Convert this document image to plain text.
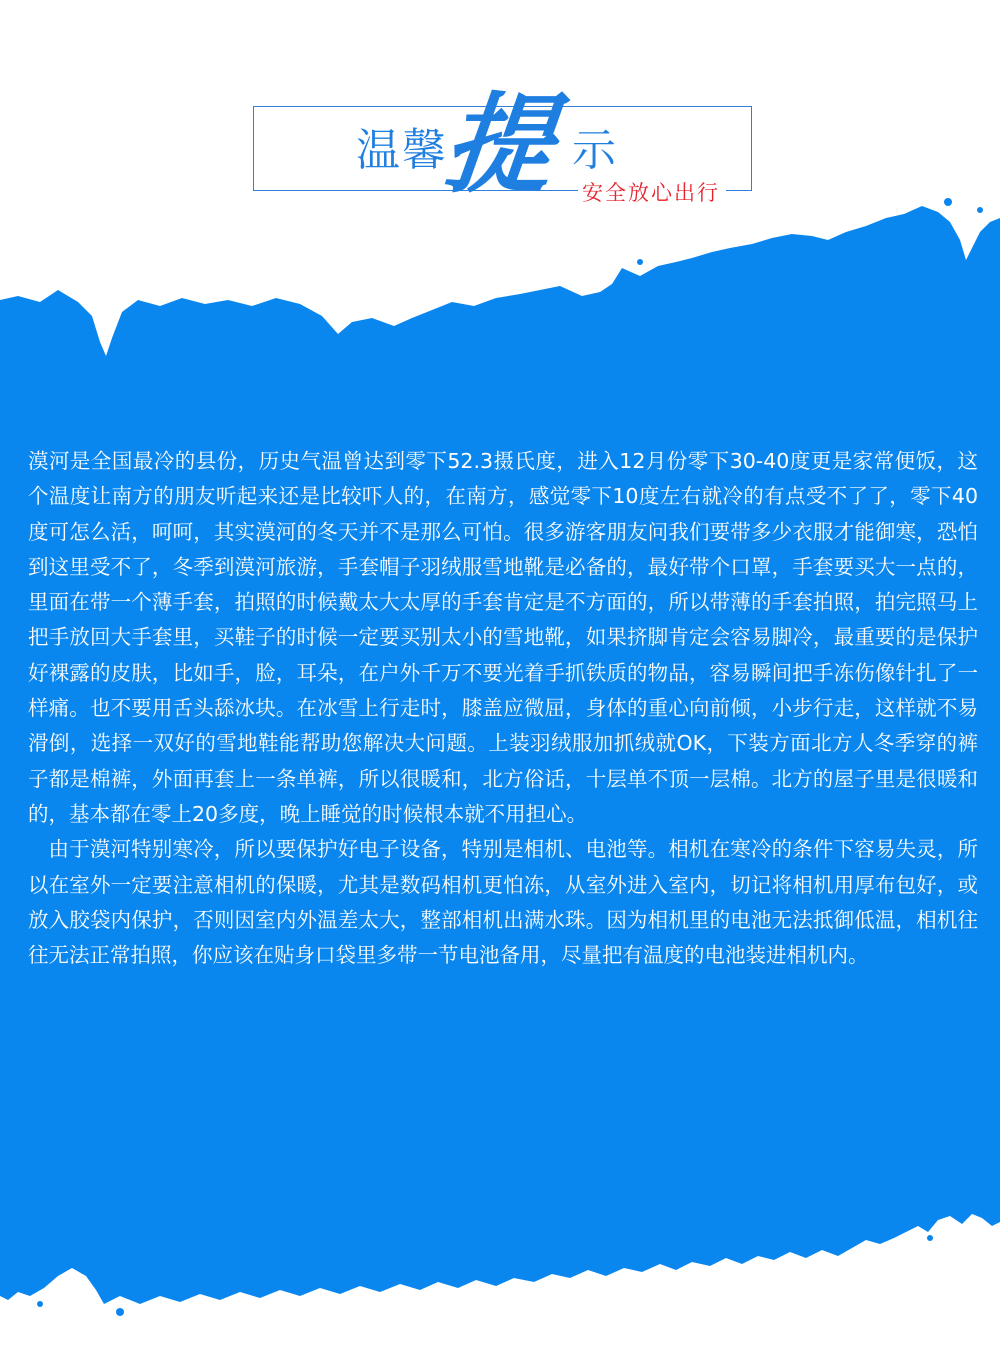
温馨
提 示
安全放心出行

漠河是全国最冷的县份，历史气温曾达到零下52.3摄氏度，进入12月份零下30-40度更是家常便饭，这个温度让南方的朋友听起来还是比较吓人的，在南方，感觉零下10度左右就冷的有点受不了了，零下40度可怎么活，呵呵，其实漠河的冬天并不是那么可怕。很多游客朋友问我们要带多少衣服才能御寒，恐怕到这里受不了，冬季到漠河旅游，手套帽子羽绒服雪地靴是必备的，最好带个口罩，手套要买大一点的，里面在带一个薄手套，拍照的时候戴太大太厚的手套肯定是不方面的，所以带薄的手套拍照，拍完照马上把手放回大手套里，买鞋子的时候一定要买别太小的雪地靴，如果挤脚肯定会容易脚冷，最重要的是保护好裸露的皮肤，比如手，脸，耳朵，在户外千万不要光着手抓铁质的物品，容易瞬间把手冻伤像针扎了一样痛。也不要用舌头舔冰块。在冰雪上行走时，膝盖应微屈，身体的重心向前倾，小步行走，这样就不易滑倒，选择一双好的雪地鞋能帮助您解决大问题。上装羽绒服加抓绒就OK，下装方面北方人冬季穿的裤子都是棉裤，外面再套上一条单裤，所以很暖和，北方俗话，十层单不顶一层棉。北方的屋子里是很暖和的，基本都在零上20多度，晚上睡觉的时候根本就不用担心。

由于漠河特别寒冷，所以要保护好电子设备，特别是相机、电池等。相机在寒冷的条件下容易失灵，所以在室外一定要注意相机的保暖，尤其是数码相机更怕冻，从室外进入室内，切记将相机用厚布包好，或放入胶袋内保护，否则因室内外温差太大，整部相机出满水珠。因为相机里的电池无法抵御低温，相机往往无法正常拍照，你应该在贴身口袋里多带一节电池备用，尽量把有温度的电池装进相机内。
